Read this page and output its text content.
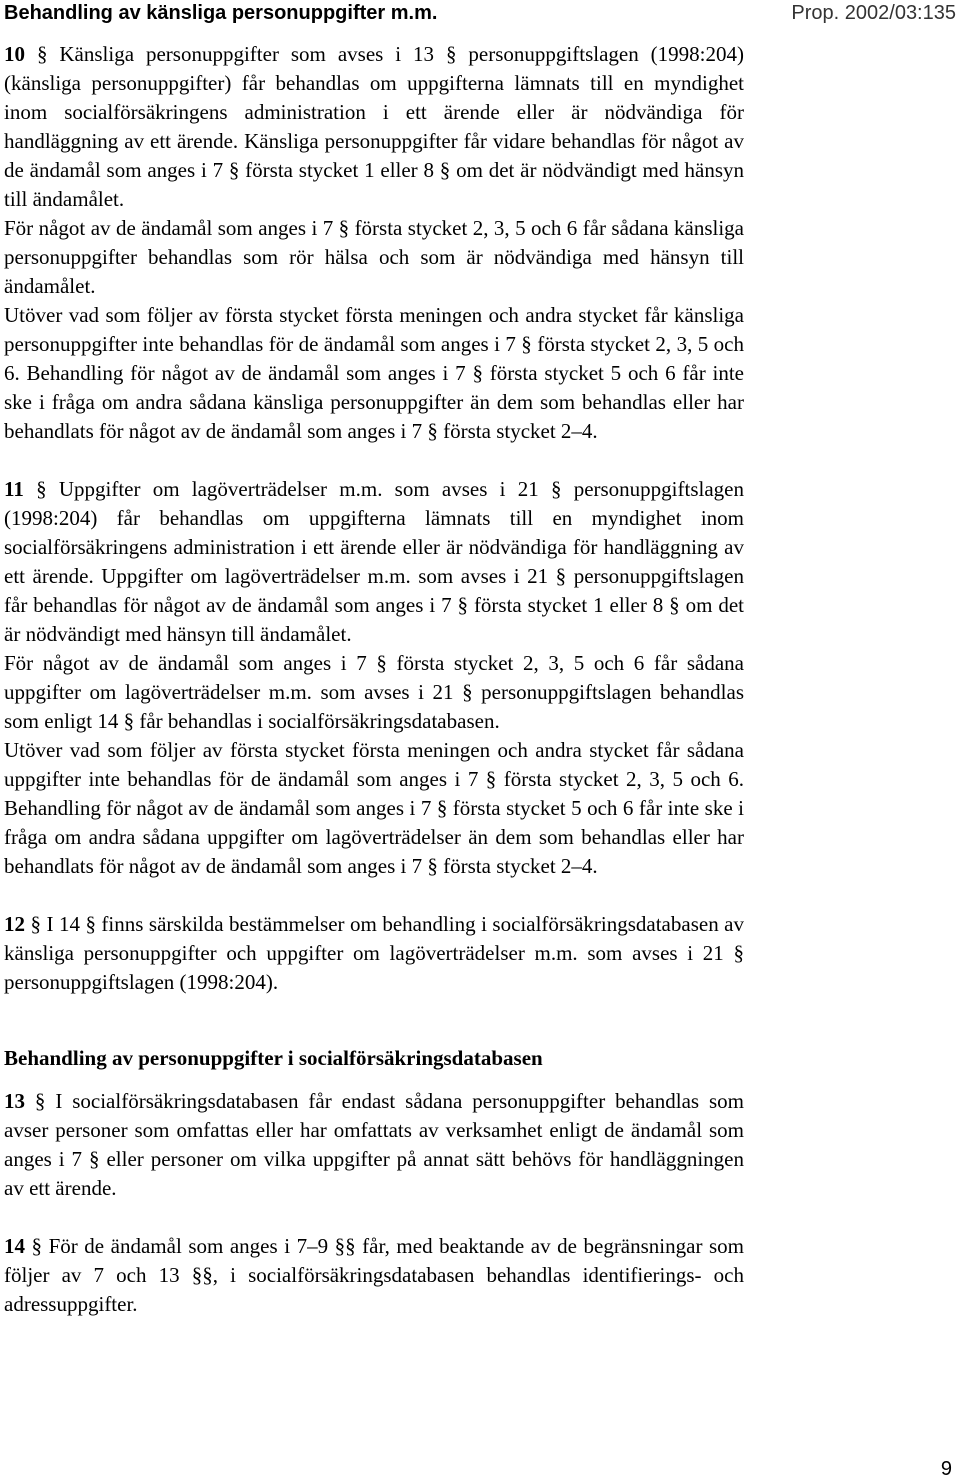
Behandling av känsliga personuppgifter m.m.	Prop. 2002/03:135

10 § Känsliga personuppgifter som avses i 13 § personuppgiftslagen (1998:204) (känsliga personuppgifter) får behandlas om uppgifterna lämnats till en myndighet inom socialförsäkringens administration i ett ärende eller är nödvändiga för handläggning av ett ärende. Känsliga personuppgifter får vidare behandlas för något av de ändamål som anges i 7 § första stycket 1 eller 8 § om det är nödvändigt med hänsyn till ändamålet.

För något av de ändamål som anges i 7 § första stycket 2, 3, 5 och 6 får sådana känsliga personuppgifter behandlas som rör hälsa och som är nödvändiga med hänsyn till ändamålet.

Utöver vad som följer av första stycket första meningen och andra stycket får känsliga personuppgifter inte behandlas för de ändamål som anges i 7 § första stycket 2, 3, 5 och 6. Behandling för något av de ändamål som anges i 7 § första stycket 5 och 6 får inte ske i fråga om andra sådana känsliga personuppgifter än dem som behandlas eller har behandlats för något av de ändamål som anges i 7 § första stycket 2–4.

11 § Uppgifter om lagöverträdelser m.m. som avses i 21 § personuppgiftslagen (1998:204) får behandlas om uppgifterna lämnats till en myndighet inom socialförsäkringens administration i ett ärende eller är nödvändiga för handläggning av ett ärende. Uppgifter om lagöverträdelser m.m. som avses i 21 § personuppgiftslagen får behandlas för något av de ändamål som anges i 7 § första stycket 1 eller 8 § om det är nödvändigt med hänsyn till ändamålet.

För något av de ändamål som anges i 7 § första stycket 2, 3, 5 och 6 får sådana uppgifter om lagöverträdelser m.m. som avses i 21 § personuppgiftslagen behandlas som enligt 14 § får behandlas i socialförsäkringsdatabasen.

Utöver vad som följer av första stycket första meningen och andra stycket får sådana uppgifter inte behandlas för de ändamål som anges i 7 § första stycket 2, 3, 5 och 6. Behandling för något av de ändamål som anges i 7 § första stycket 5 och 6 får inte ske i fråga om andra sådana uppgifter om lagöverträdelser än dem som behandlas eller har behandlats för något av de ändamål som anges i 7 § första stycket 2–4.

12 § I 14 § finns särskilda bestämmelser om behandling i socialförsäkringsdatabasen av känsliga personuppgifter och uppgifter om lagöverträdelser m.m. som avses i 21 § personuppgiftslagen (1998:204).

Behandling av personuppgifter i socialförsäkringsdatabasen

13 § I socialförsäkringsdatabasen får endast sådana personuppgifter behandlas som avser personer som omfattas eller har omfattats av verksamhet enligt de ändamål som anges i 7 § eller personer om vilka uppgifter på annat sätt behövs för handläggningen av ett ärende.

14 § För de ändamål som anges i 7–9 §§ får, med beaktande av de begränsningar som följer av 7 och 13 §§, i socialförsäkringsdatabasen behandlas identifierings- och adressuppgifter.

9
